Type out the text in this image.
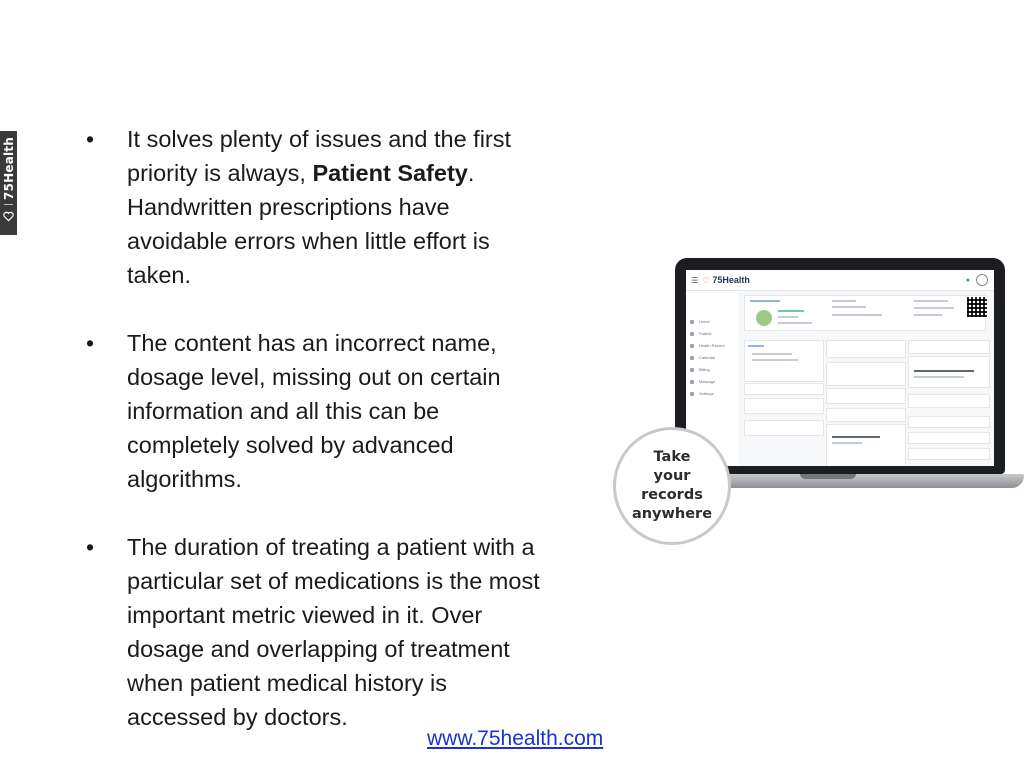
75Health
•	It solves plenty of issues and the first priority is always, Patient Safety. Handwritten prescriptions have avoidable errors when little effort is taken.
• The content has an incorrect name, dosage level, missing out on certain information and all this can be completely solved by advanced algorithms.
• The duration of treating a patient with a particular set of medications is the most important metric viewed in it. Over dosage and overlapping of treatment when patient medical history is accessed by doctors.
www.75health.com
☰ ♡ 75Health	●
Home
Patient
Health Record
Calendar
Billing
Message
Settings
Take
your
records
anywhere
